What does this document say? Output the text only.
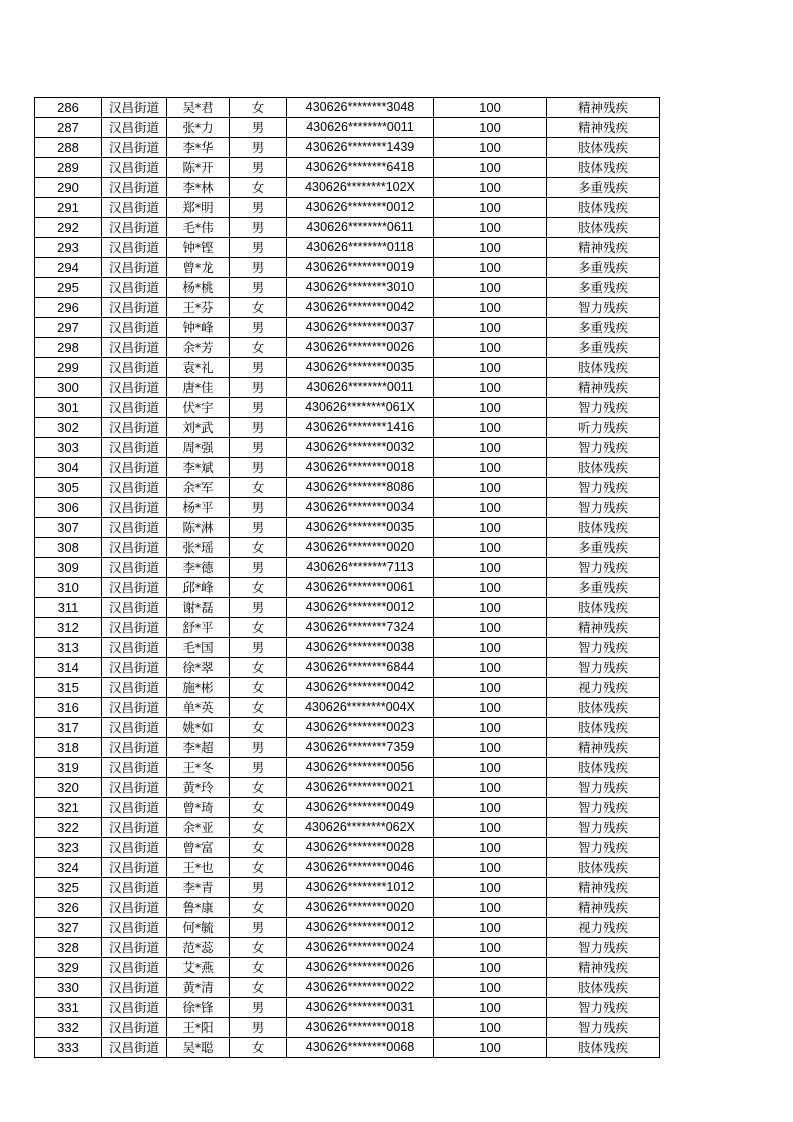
286	汉昌街道	吴*君	女	430626********3048	100	精神残疾
287	汉昌街道	张*力	男	430626********0011	100	精神残疾
288	汉昌街道	李*华	男	430626********1439	100	肢体残疾
289	汉昌街道	陈*开	男	430626********6418	100	肢体残疾
290	汉昌街道	李*林	女	430626********102X	100	多重残疾
291	汉昌街道	郑*明	男	430626********0012	100	肢体残疾
292	汉昌街道	毛*伟	男	430626********0611	100	肢体残疾
293	汉昌街道	钟*铿	男	430626********0118	100	精神残疾
294	汉昌街道	曾*龙	男	430626********0019	100	多重残疾
295	汉昌街道	杨*桃	男	430626********3010	100	多重残疾
296	汉昌街道	王*芬	女	430626********0042	100	智力残疾
297	汉昌街道	钟*峰	男	430626********0037	100	多重残疾
298	汉昌街道	余*芳	女	430626********0026	100	多重残疾
299	汉昌街道	袁*礼	男	430626********0035	100	肢体残疾
300	汉昌街道	唐*佳	男	430626********0011	100	精神残疾
301	汉昌街道	伏*宇	男	430626********061X	100	智力残疾
302	汉昌街道	刘*武	男	430626********1416	100	听力残疾
303	汉昌街道	周*强	男	430626********0032	100	智力残疾
304	汉昌街道	李*斌	男	430626********0018	100	肢体残疾
305	汉昌街道	余*军	女	430626********8086	100	智力残疾
306	汉昌街道	杨*平	男	430626********0034	100	智力残疾
307	汉昌街道	陈*淋	男	430626********0035	100	肢体残疾
308	汉昌街道	张*瑶	女	430626********0020	100	多重残疾
309	汉昌街道	李*德	男	430626********7113	100	智力残疾
310	汉昌街道	邱*峰	女	430626********0061	100	多重残疾
311	汉昌街道	谢*磊	男	430626********0012	100	肢体残疾
312	汉昌街道	舒*平	女	430626********7324	100	精神残疾
313	汉昌街道	毛*国	男	430626********0038	100	智力残疾
314	汉昌街道	徐*翠	女	430626********6844	100	智力残疾
315	汉昌街道	施*彬	女	430626********0042	100	视力残疾
316	汉昌街道	单*英	女	430626********004X	100	肢体残疾
317	汉昌街道	姚*如	女	430626********0023	100	肢体残疾
318	汉昌街道	李*超	男	430626********7359	100	精神残疾
319	汉昌街道	王*冬	男	430626********0056	100	肢体残疾
320	汉昌街道	黄*玲	女	430626********0021	100	智力残疾
321	汉昌街道	曾*琦	女	430626********0049	100	智力残疾
322	汉昌街道	余*亚	女	430626********062X	100	智力残疾
323	汉昌街道	曾*富	女	430626********0028	100	智力残疾
324	汉昌街道	王*也	女	430626********0046	100	肢体残疾
325	汉昌街道	李*青	男	430626********1012	100	精神残疾
326	汉昌街道	鲁*康	女	430626********0020	100	精神残疾
327	汉昌街道	何*毓	男	430626********0012	100	视力残疾
328	汉昌街道	范*蕊	女	430626********0024	100	智力残疾
329	汉昌街道	艾*燕	女	430626********0026	100	精神残疾
330	汉昌街道	黄*清	女	430626********0022	100	肢体残疾
331	汉昌街道	徐*锋	男	430626********0031	100	智力残疾
332	汉昌街道	王*阳	男	430626********0018	100	智力残疾
333	汉昌街道	吴*聪	女	430626********0068	100	肢体残疾
